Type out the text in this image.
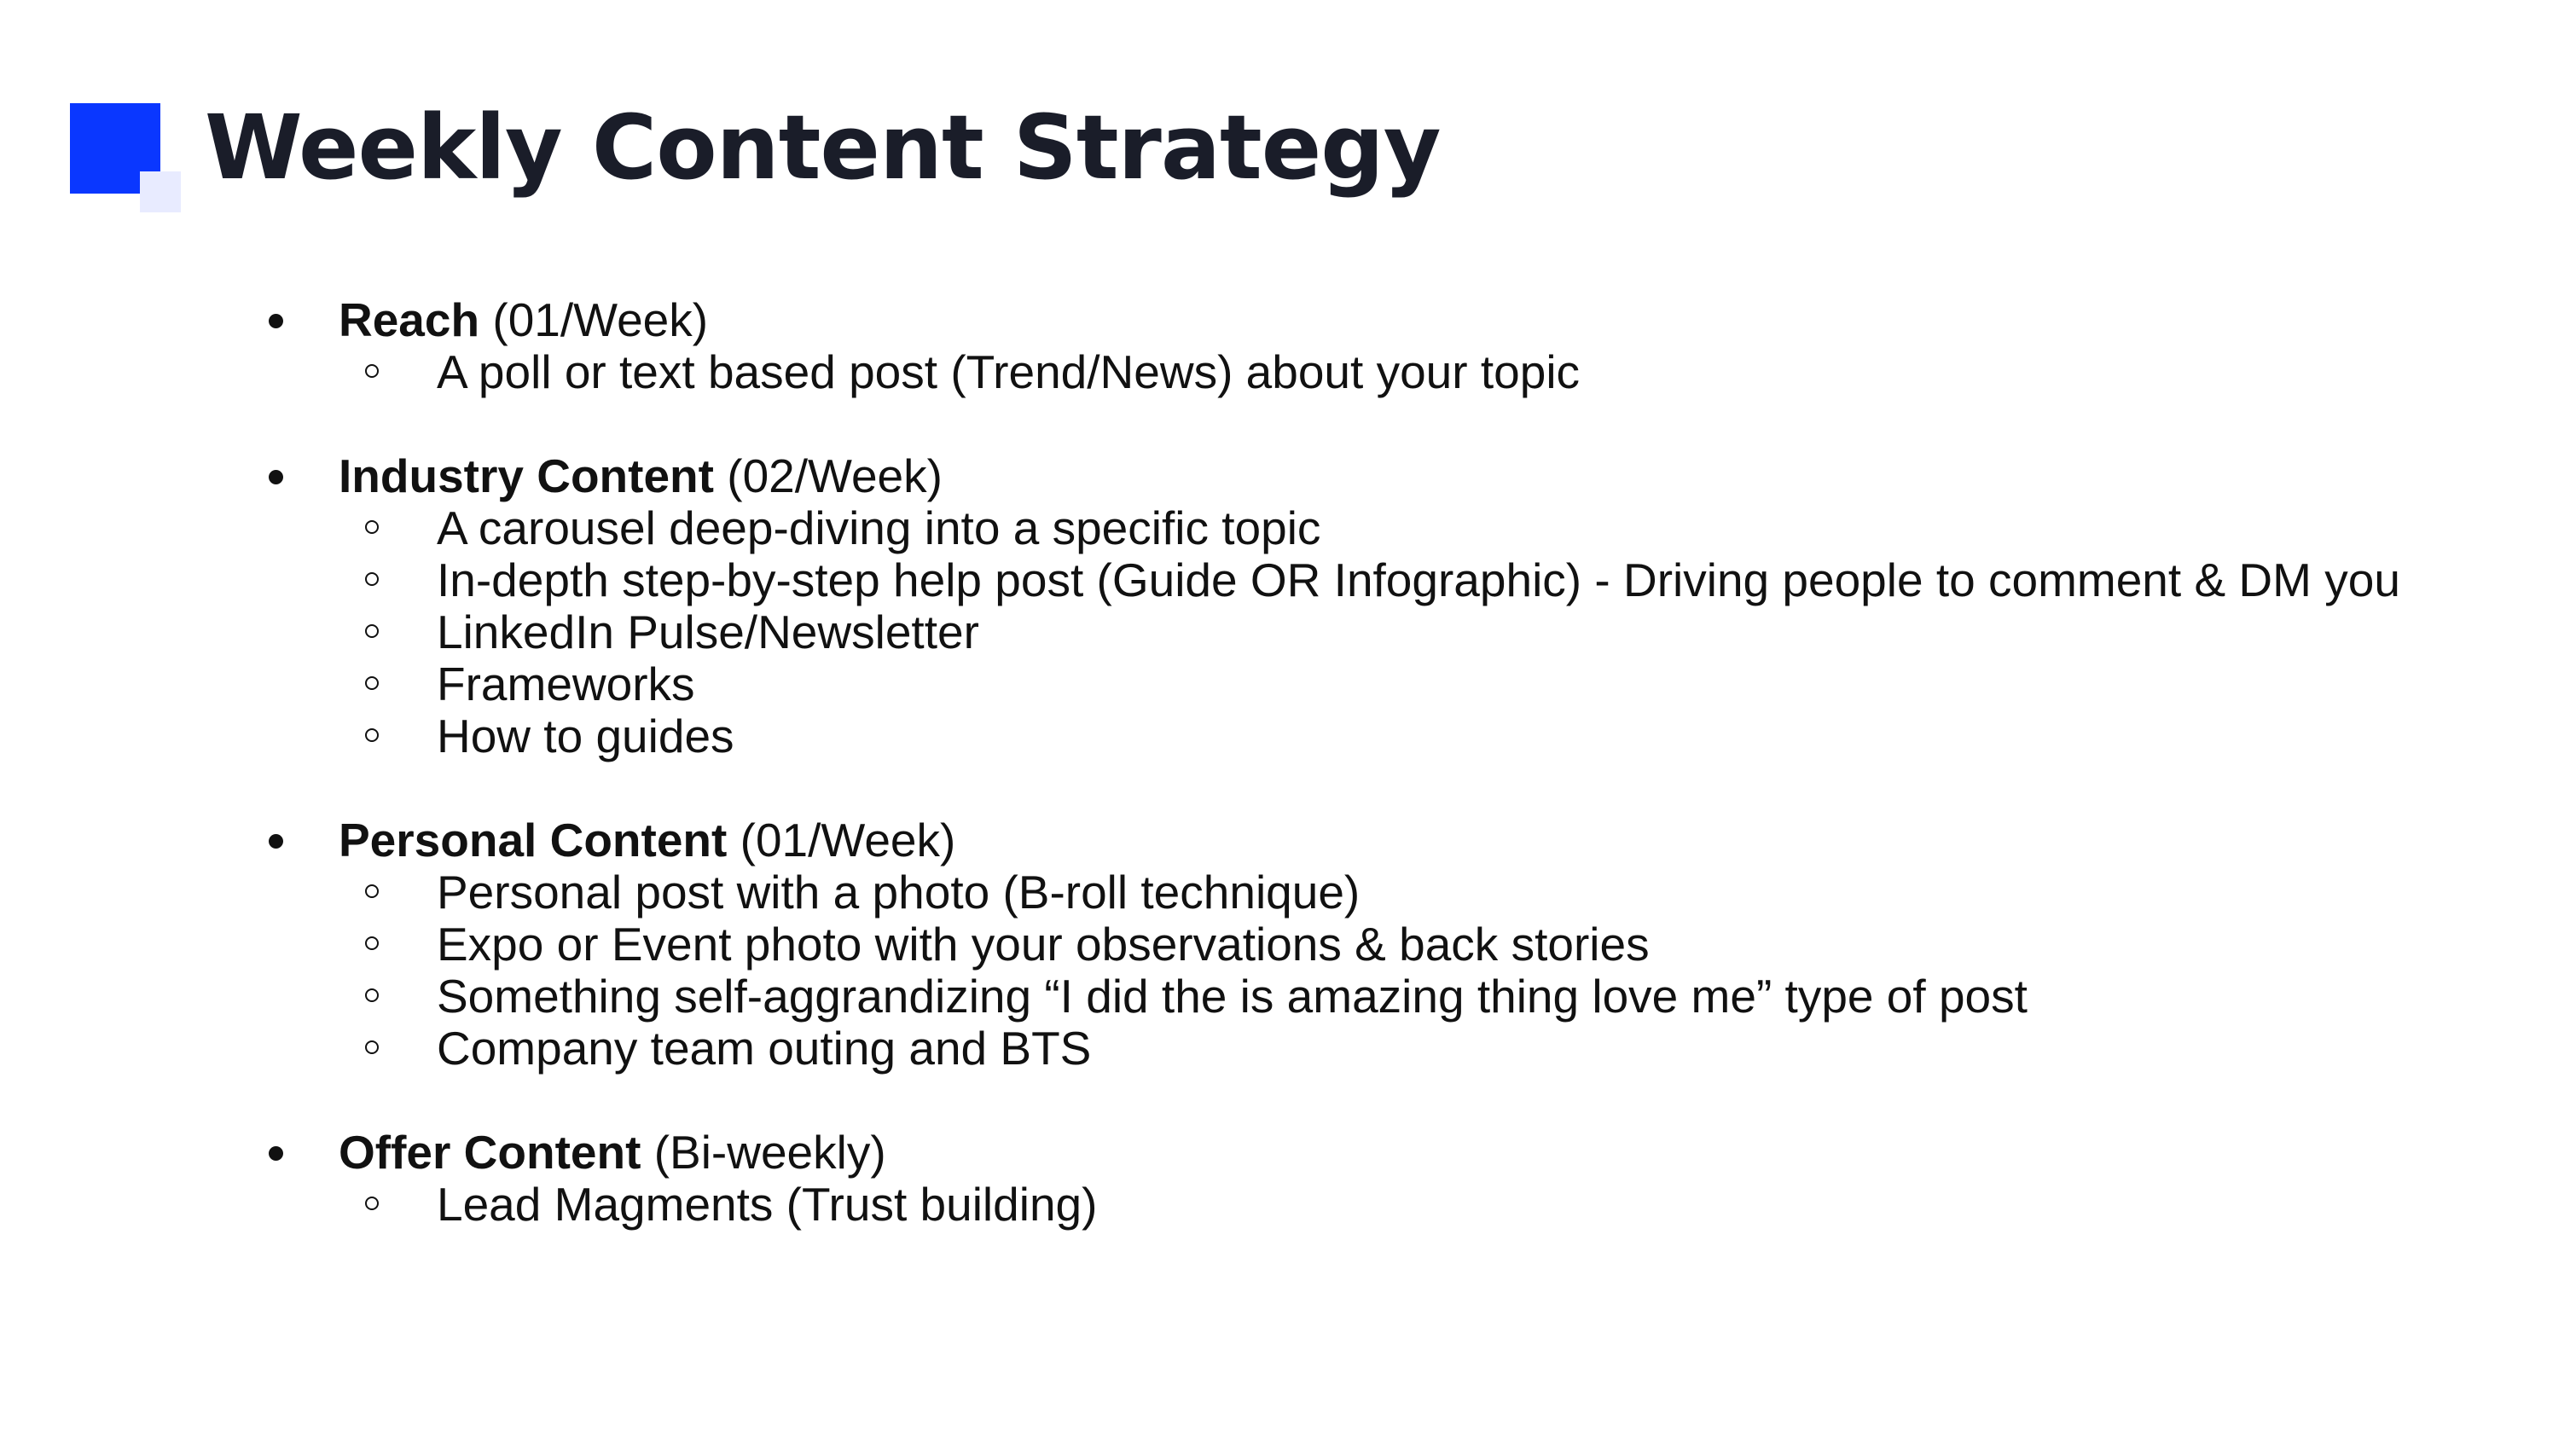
Weekly Content Strategy
Reach (01/Week)
A poll or text based post (Trend/News) about your topic
Industry Content (02/Week)
A carousel deep-diving into a specific topic
In-depth step-by-step help post (Guide OR Infographic) - Driving people to comment & DM you
LinkedIn Pulse/Newsletter
Frameworks
How to guides
Personal Content (01/Week)
Personal post with a photo (B-roll technique)
Expo or Event photo with your observations & back stories
Something self-aggrandizing “I did the is amazing thing love me” type of post
Company team outing and BTS
Offer Content (Bi-weekly)
Lead Magments (Trust building)
